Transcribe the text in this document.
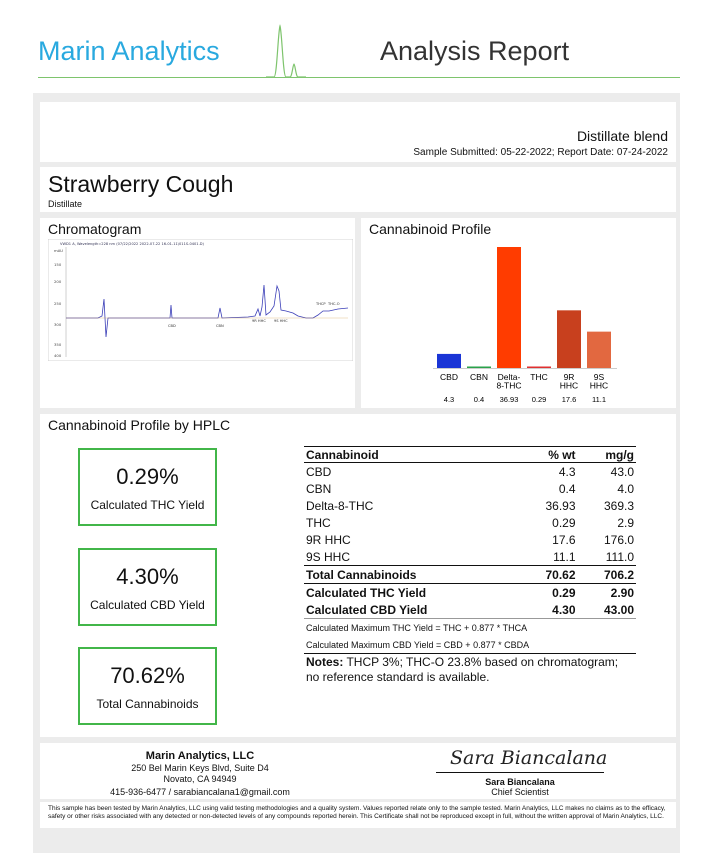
Marin Analytics	Analysis Report
Distillate blend
Sample Submitted: 05-22-2022; Report Date: 07-24-2022
Strawberry Cough
Distillate
Chromatogram
VWD1 A, Wavelength=228 nm (07/22/2022 2022-07-22 16-01-11\011S-0401.D)
mAU
150
200
250
300
350
400
CBD	CBN
9R HHC 9S HHC
THCP THC-O
Cannabinoid Profile
CBD
4.3
CBN
0.4
Delta-
8-THC
36.93
THC
0.29
9R
HHC
17.6
9S
HHC
11.1
Cannabinoid Profile by HPLC
0.29%
Calculated THC Yield
4.30%
Calculated CBD Yield
70.62%
Total Cannabinoids
Cannabinoid	% wt	mg/g
CBD	4.3	43.0
CBN	0.4	4.0
Delta-8-THC	36.93	369.3
THC	0.29	2.9
9R HHC	17.6	176.0
9S HHC	11.1	111.0
Total Cannabinoids	70.62	706.2
Calculated THC Yield	0.29	2.90
Calculated CBD Yield	4.30	43.00
Calculated Maximum THC Yield = THC + 0.877 * THCA		
Calculated Maximum CBD Yield = CBD + 0.877 * CBDA		
Notes: THCP 3%; THC-O 23.8% based on chromatogram; no reference standard is available.
Marin Analytics, LLC
250 Bel Marin Keys Blvd, Suite D4
Novato, CA 94949
415-936-6477 / sarabiancalana1@gmail.com
Sara Biancalana
Sara Biancalana
Chief Scientist
This sample has been tested by Marin Analytics, LLC using valid testing methodologies and a quality system. Values reported relate only to the sample tested. Marin Analytics, LLC makes no claims as to the efficacy, safety or other risks associated with any detected or non-detected levels of any compounds reported herein. This Certificate shall not be reproduced except in full, without the written approval of Marin Analytics, LLC.
